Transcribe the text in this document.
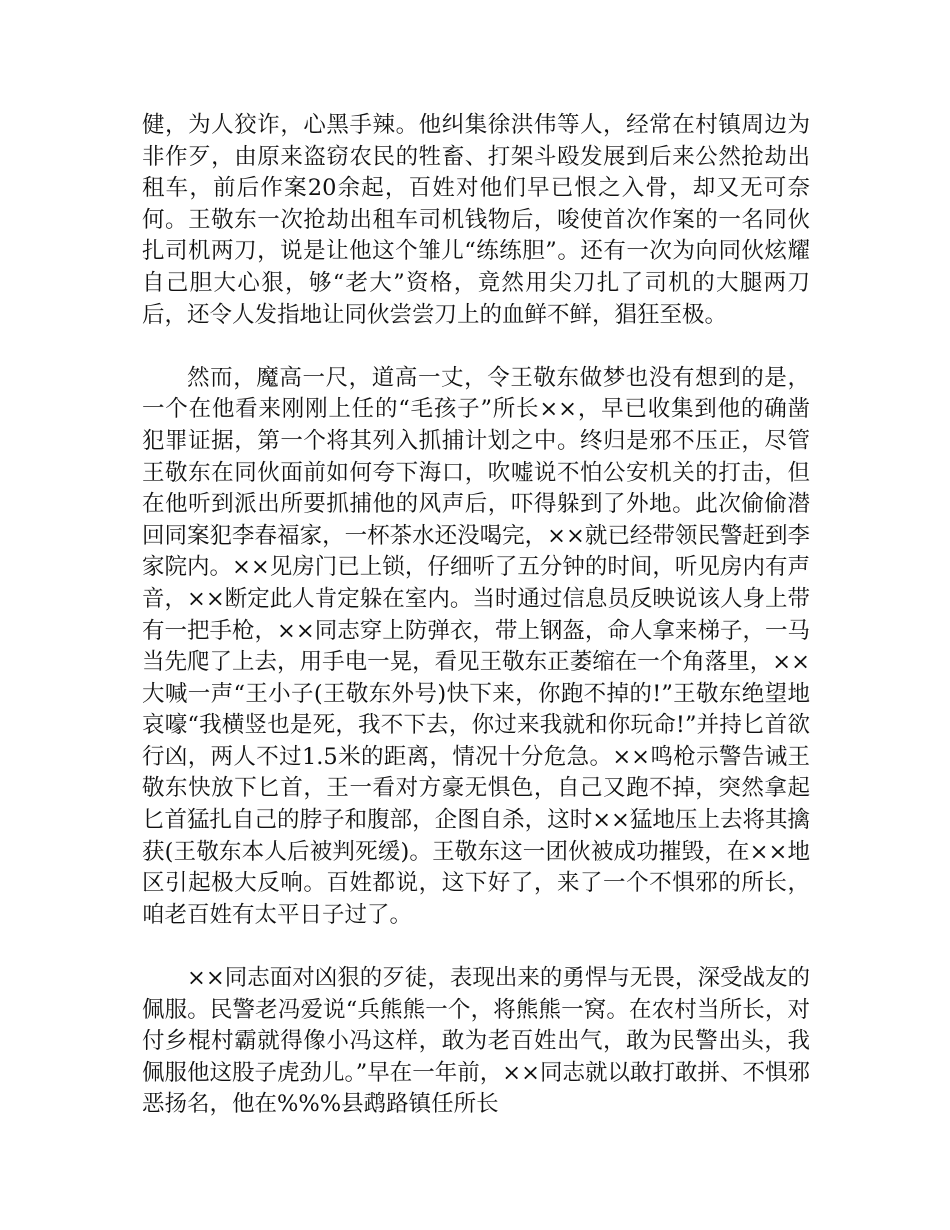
健，为人狡诈，心黑手辣。他纠集徐洪伟等人，经常在村镇周边为非作歹，由原来盗窃农民的牲畜、打架斗殴发展到后来公然抢劫出租车，前后作案20余起，百姓对他们早已恨之入骨，却又无可奈何。王敬东一次抢劫出租车司机钱物后，唆使首次作案的一名同伙扎司机两刀，说是让他这个雏儿“练练胆”。还有一次为向同伙炫耀自己胆大心狠，够“老大”资格，竟然用尖刀扎了司机的大腿两刀后，还令人发指地让同伙尝尝刀上的血鲜不鲜，猖狂至极。

然而，魔高一尺，道高一丈，令王敬东做梦也没有想到的是，一个在他看来刚刚上任的“毛孩子”所长××，早已收集到他的确凿犯罪证据，第一个将其列入抓捕计划之中。终归是邪不压正，尽管王敬东在同伙面前如何夸下海口，吹嘘说不怕公安机关的打击，但在他听到派出所要抓捕他的风声后，吓得躲到了外地。此次偷偷潜回同案犯李春福家，一杯茶水还没喝完，××就已经带领民警赶到李家院内。××见房门已上锁，仔细听了五分钟的时间，听见房内有声音，××断定此人肯定躲在室内。当时通过信息员反映说该人身上带有一把手枪，××同志穿上防弹衣，带上钢盔，命人拿来梯子，一马当先爬了上去，用手电一晃，看见王敬东正萎缩在一个角落里，××大喊一声“王小子(王敬东外号)快下来，你跑不掉的!”王敬东绝望地哀嚎“我横竖也是死，我不下去，你过来我就和你玩命!”并持匕首欲行凶，两人不过1.5米的距离，情况十分危急。××鸣枪示警告诫王敬东快放下匕首，王一看对方豪无惧色，自己又跑不掉，突然拿起匕首猛扎自己的脖子和腹部，企图自杀，这时××猛地压上去将其擒获(王敬东本人后被判死缓)。王敬东这一团伙被成功摧毁，在××地区引起极大反响。百姓都说，这下好了，来了一个不惧邪的所长，咱老百姓有太平日子过了。

××同志面对凶狠的歹徒，表现出来的勇悍与无畏，深受战友的佩服。民警老冯爱说“兵熊熊一个，将熊熊一窝。在农村当所长，对付乡棍村霸就得像小冯这样，敢为老百姓出气，敢为民警出头，我佩服他这股子虎劲儿。”早在一年前，××同志就以敢打敢拼、不惧邪恶扬名，他在%%%县鹉路镇任所长
